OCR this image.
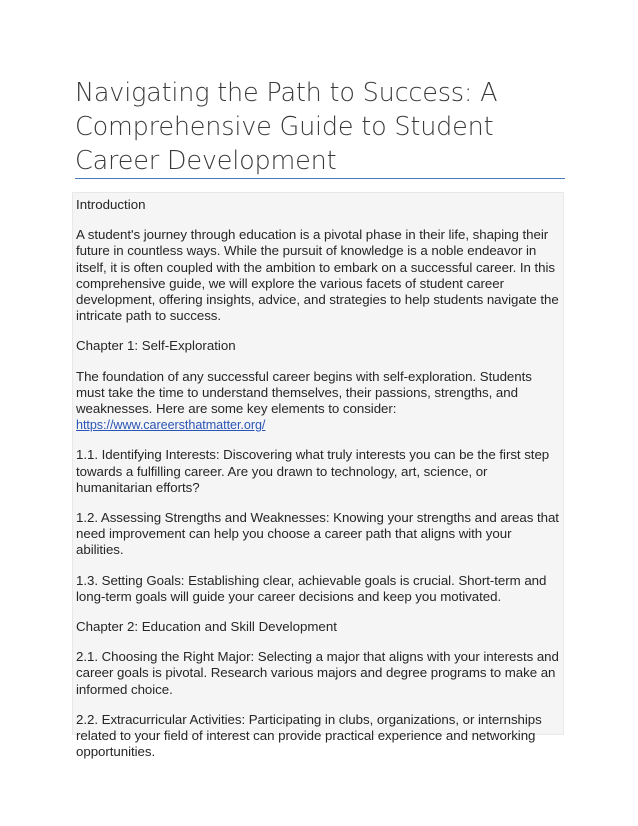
Navigating the Path to Success: A Comprehensive Guide to Student Career Development

Introduction

A student's journey through education is a pivotal phase in their life, shaping their future in countless ways. While the pursuit of knowledge is a noble endeavor in itself, it is often coupled with the ambition to embark on a successful career. In this comprehensive guide, we will explore the various facets of student career development, offering insights, advice, and strategies to help students navigate the intricate path to success.

Chapter 1: Self-Exploration

The foundation of any successful career begins with self-exploration. Students must take the time to understand themselves, their passions, strengths, and weaknesses. Here are some key elements to consider: https://www.careersthatmatter.org/

1.1. Identifying Interests: Discovering what truly interests you can be the first step towards a fulfilling career. Are you drawn to technology, art, science, or humanitarian efforts?

1.2. Assessing Strengths and Weaknesses: Knowing your strengths and areas that need improvement can help you choose a career path that aligns with your abilities.

1.3. Setting Goals: Establishing clear, achievable goals is crucial. Short-term and long-term goals will guide your career decisions and keep you motivated.

Chapter 2: Education and Skill Development

2.1. Choosing the Right Major: Selecting a major that aligns with your interests and career goals is pivotal. Research various majors and degree programs to make an informed choice.

2.2. Extracurricular Activities: Participating in clubs, organizations, or internships related to your field of interest can provide practical experience and networking opportunities.
